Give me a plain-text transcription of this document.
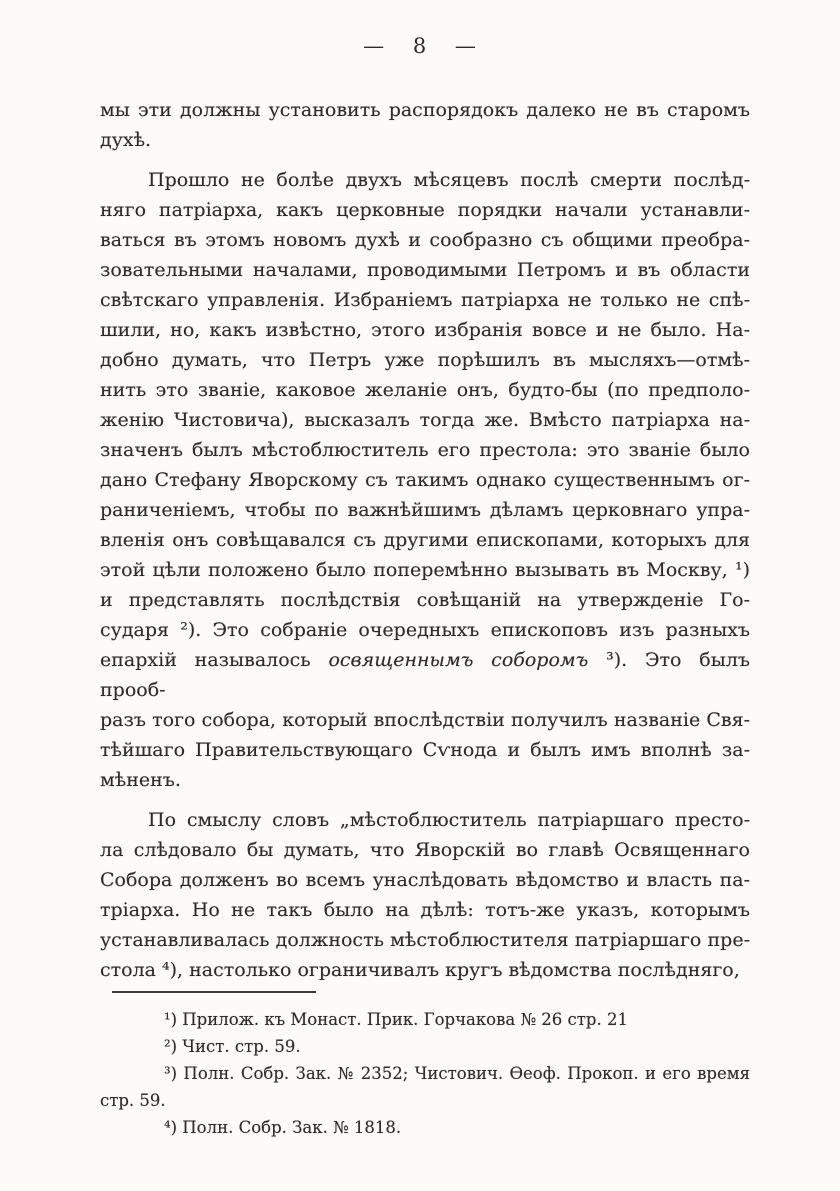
— 8 —
мы эти должны установить распорядокъ далеко не въ старомъ
духѣ.
Прошло не болѣе двухъ мѣсяцевъ послѣ смерти послѣд-
няго патріарха, какъ церковные порядки начали устанавли-
ваться въ этомъ новомъ духѣ и сообразно съ общими преобра-
зовательными началами, проводимыми Петромъ и въ области
свѣтскаго управленія. Избраніемъ патріарха не только не спѣ-
шили, но, какъ извѣстно, этого избранія вовсе и не было. На-
добно думать, что Петръ уже порѣшилъ въ мысляхъ—отмѣ-
нить это званіе, каковое желаніе онъ, будто-бы (по предполо-
женію Чистовича), высказалъ тогда же. Вмѣсто патріарха на-
значенъ былъ мѣстоблюститель его престола: это званіе было
дано Стефану Яворскому съ такимъ однако существеннымъ ог-
раниченіемъ, чтобы по важнѣйшимъ дѣламъ церковнаго упра-
вленія онъ совѣщавался съ другими епископами, которыхъ для
этой цѣли положено было поперемѣнно вызывать въ Москву, ¹)
и представлять послѣдствія совѣщаній на утвержденіе Го-
сударя ²). Это собраніе очередныхъ епископовъ изъ разныхъ
епархій называлось освященнымъ соборомъ ³). Это былъ прооб-
разъ того собора, который впослѣдствіи получилъ названіе Свя-
тѣйшаго Правительствующаго Сѵнода и былъ имъ вполнѣ за-
мѣненъ.
По смыслу словъ „мѣстоблюститель патріаршаго престо-
ла слѣдовало бы думать, что Яворскій во главѣ Освященнаго
Собора долженъ во всемъ унаслѣдовать вѣдомство и власть па-
тріарха. Но не такъ было на дѣлѣ: тотъ-же указъ, которымъ
устанавливалась должность мѣстоблюстителя патріаршаго пре-
стола ⁴), настолько ограничивалъ кругъ вѣдомства послѣдняго,
¹) Прилож. къ Монаст. Прик. Горчакова № 26 стр. 21
²) Чист. стр. 59.
³) Полн. Собр. Зак. № 2352; Чистович. Ѳеоф. Прокоп. и его время
стр. 59.
⁴) Полн. Собр. Зак. № 1818.
